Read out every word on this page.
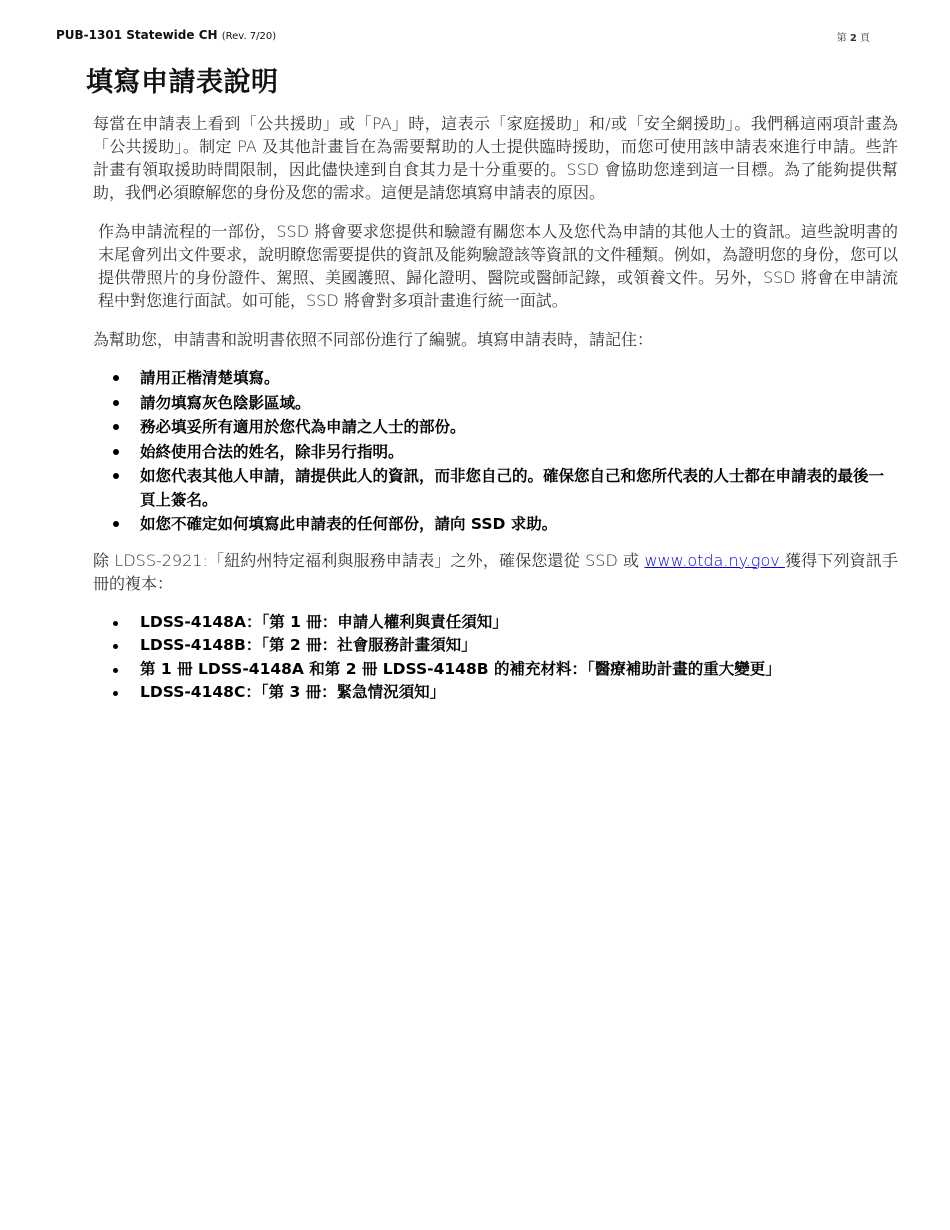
PUB-1301 Statewide CH (Rev. 7/20)	第 2 頁
填寫申請表說明

每當在申請表上看到「公共援助」或「PA」時，這表示「家庭援助」和/或「安全網援助」。我們稱這兩項計畫為「公共援助」。制定 PA 及其他計畫旨在為需要幫助的人士提供臨時援助，而您可使用該申請表來進行申請。些許計畫有領取援助時間限制，因此儘快達到自食其力是十分重要的。SSD 會協助您達到這一目標。為了能夠提供幫助，我們必須瞭解您的身份及您的需求。這便是請您填寫申請表的原因。

作為申請流程的一部份，SSD 將會要求您提供和驗證有關您本人及您代為申請的其他人士的資訊。這些說明書的末尾會列出文件要求，說明瞭您需要提供的資訊及能夠驗證該等資訊的文件種類。例如，為證明您的身份，您可以提供帶照片的身份證件、駕照、美國護照、歸化證明、醫院或醫師記錄，或領養文件。另外，SSD 將會在申請流程中對您進行面試。如可能，SSD 將會對多項計畫進行統一面試。

為幫助您，申請書和說明書依照不同部份進行了編號。填寫申請表時，請記住：

請用正楷清楚填寫。
請勿填寫灰色陰影區域。
務必填妥所有適用於您代為申請之人士的部份。
始終使用合法的姓名，除非另行指明。
如您代表其他人申請，請提供此人的資訊，而非您自己的。確保您自己和您所代表的人士都在申請表的最後一頁上簽名。
如您不確定如何填寫此申請表的任何部份，請向 SSD 求助。

除 LDSS-2921:「紐約州特定福利與服務申請表」之外，確保您還從 SSD 或 www.otda.ny.gov 獲得下列資訊手冊的複本：

LDSS-4148A：「第 1 冊：申請人權利與責任須知」
LDSS-4148B：「第 2 冊：社會服務計畫須知」
第 1 冊 LDSS-4148A 和第 2 冊 LDSS-4148B 的補充材料：「醫療補助計畫的重大變更」
LDSS-4148C：「第 3 冊：緊急情況須知」
